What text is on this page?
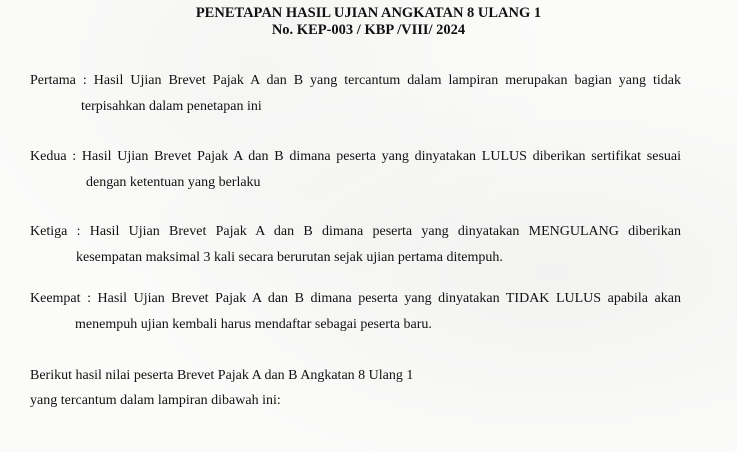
PENETAPAN HASIL UJIAN ANGKATAN 8 ULANG 1
No. KEP-003 / KBP /VIII/ 2024
Pertama : Hasil Ujian Brevet Pajak A dan B yang tercantum dalam lampiran merupakan bagian yang tidak
terpisahkan dalam penetapan ini
Kedua : Hasil Ujian Brevet Pajak A dan B dimana peserta yang dinyatakan LULUS diberikan sertifikat sesuai
dengan ketentuan yang berlaku
Ketiga : Hasil Ujian Brevet Pajak A dan B dimana peserta yang dinyatakan MENGULANG diberikan
kesempatan maksimal 3 kali secara berurutan sejak ujian pertama ditempuh.
Keempat : Hasil Ujian Brevet Pajak A dan B dimana peserta yang dinyatakan TIDAK LULUS apabila akan
menempuh ujian kembali harus mendaftar sebagai peserta baru.

Berikut hasil nilai peserta Brevet Pajak A dan B Angkatan 8 Ulang 1

yang tercantum dalam lampiran dibawah ini:
